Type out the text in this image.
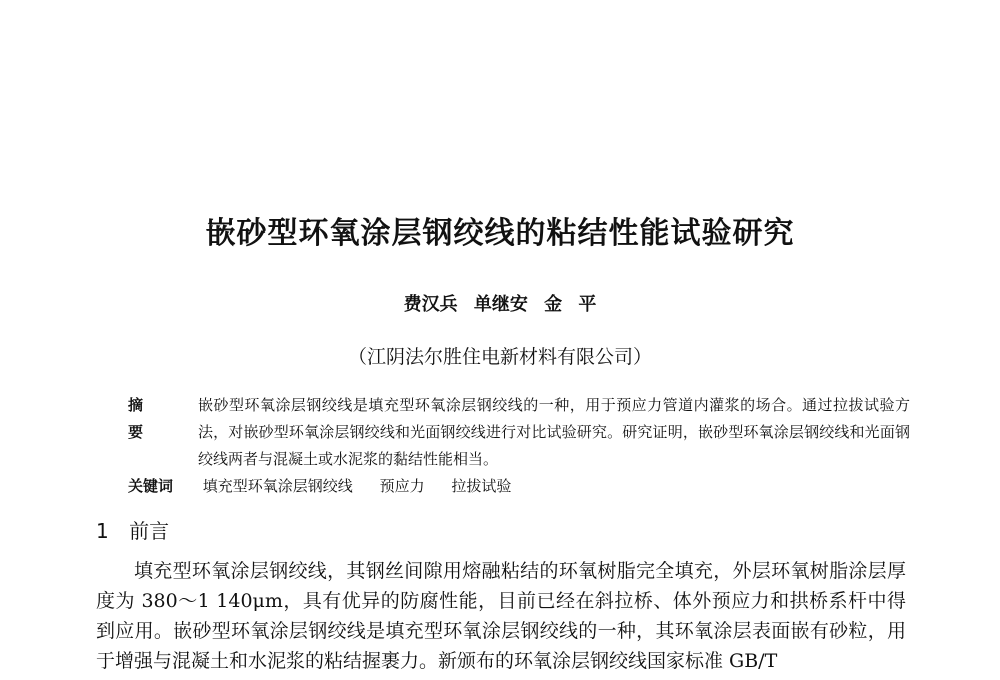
嵌砂型环氧涂层钢绞线的粘结性能试验研究
费汉兵 单继安 金 平
（江阴法尔胜住电新材料有限公司）
摘 要
嵌砂型环氧涂层钢绞线是填充型环氧涂层钢绞线的一种，用于预应力管道内灌浆的场合。通过拉拔试验方法，对嵌砂型环氧涂层钢绞线和光面钢绞线进行对比试验研究。研究证明，嵌砂型环氧涂层钢绞线和光面钢绞线两者与混凝土或水泥浆的黏结性能相当。
关键词 填充型环氧涂层钢绞线 预应力 拉拔试验
1 前言
填充型环氧涂层钢绞线，其钢丝间隙用熔融粘结的环氧树脂完全填充，外层环氧树脂涂层厚度为 380～1 140μm，具有优异的防腐性能，目前已经在斜拉桥、体外预应力和拱桥系杆中得到应用。嵌砂型环氧涂层钢绞线是填充型环氧涂层钢绞线的一种，其环氧涂层表面嵌有砂粒，用于增强与混凝土和水泥浆的粘结握裹力。新颁布的环氧涂层钢绞线国家标准 GB/T
